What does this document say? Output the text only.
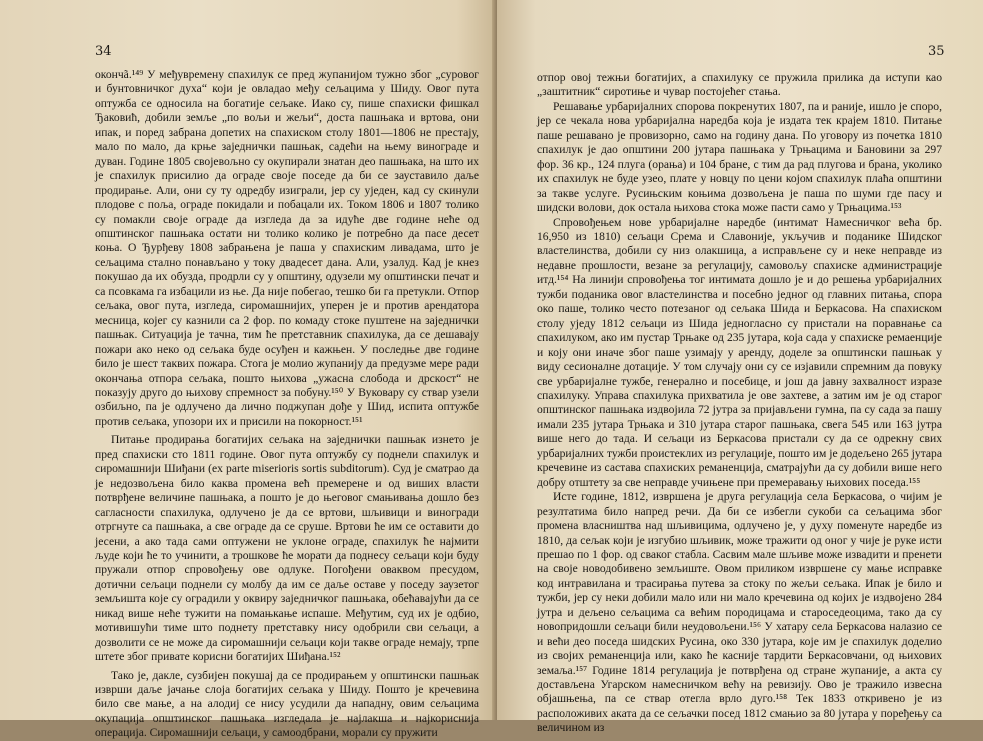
34

окончã.¹⁴⁹ У међувремену спахилук се пред жупанијом тужно због „суровог и бунтовничког духа“ који је овладао међу сељацима у Шиду. Овог пута оптужба се односила на богатије сељаке. Иако су, пише спахиски фишкал Ђаковић, добили земље „по вољи и жељи“, доста пашњака и вртова, они ипак, и поред забрана допетих на спахиском столу 1801—1806 не престају, мало по мало, да крње заједнички пашњак, садећи на њему винограде и дуван. Године 1805 својевољно су окупирали знатан део пашњака, на што их је спахилук присилио да ограде своје поседе да би се зауставило даље продирање. Али, они су ту одредбу изиграли, јер су уједен, кад су скинули плодове с поља, ограде покидали и побацали их. Током 1806 и 1807 толико су помакли своје ограде да изгледа да за идуће две године неће од општинског пашњака остати ни толико колико је потребно да пасе десет коња. О Ђурђеву 1808 забрањена је паша у спахиским ливадама, што је сељацима стално понављано у току двадесет дана. Али, узалуд. Кад је кнез покушао да их обузда, продрли су у општину, одузели му општински печат и са псовкама га избацили из ње. Да није побегао, тешко би га претукли. Отпор сељака, овог пута, изгледа, сиромашнијих, уперен је и против арендатора месница, којег су казнили са 2 фор. по комаду стоке пуштене на заједнички пашњак. Ситуација је тачна, тим ће претставник спахилука, да се дешавају пожари ако неко од сељака буде осуђен и кажњен. У последње две године било је шест таквих пожара. Стога је молио жупанију да предузме мере ради окончања отпора сељака, пошто њихова „ужасна слобода и дрскост“ не показују друго до њихову спремност за побуну.¹⁵⁰ У Вуковару су ствар узели озбиљно, па је одлучено да лично поджупан дође у Шид, испита оптужбе против сељака, упозори их и присили на покорност.¹⁵¹

Питање продирања богатијих сељака на заједнички пашњак изнето је пред спахиски сто 1811 године. Овог пута оптужбу су поднели спахилук и сиромашнији Шиђани (ex parte miserioris sortis subditorum). Суд је сматрао да је недозвољена било каква промена већ премерене и од виших власти потврђене величине пашњака, а пошто је до његовог смањивања дошло без сагласности спахилука, одлучено је да се вртови, шљивици и виногради отргнуте са пашњака, а све ограде да се сруше. Вртови ће им се оставити до јесени, а ако тада сами оптужени не уклоне ограде, спахилук ће најмити људе који ће то учинити, а трошкове ће морати да поднесу сељаци који буду пружали отпор спровођењу ове одлуке. Погођени оваквом пресудом, дотични сељаци поднели су молбу да им се даље оставе у поседу заузетог земљишта које су оградили у оквиру заједничког пашњака, обећавајући да се никад више неће тужити на помањкање испаше. Међутим, суд их је одбио, мотивишући тиме што поднету претставку нису одобрили сви сељаци, а дозволити се не може да сиромашнији сељаци који такве ограде немају, трпе штете због привате корисни богатијих Шиђана.¹⁵²

Тако је, дакле, сузбијен покушај да се продирањем у општински пашњак изврши даље јачање слоја богатијих сељака у Шиду. Пошто је кречевина било све мање, а на алодиј се нису усудили да нападну, овим сељацима окупација општинског пашњака изгледала је најлакша и најкориснија операција. Сиромашнији сељаци, у самоодбрани, морали су пружити

35

отпор овој тежњи богатијих, а спахилуку се пружила прилика да иступи као „заштитник“ сиротиње и чувар постојећег стања.

Решавање урбаријалних спорова покренутих 1807, па и раније, ишло је споро, јер се чекала нова урбаријална наредба која је издата тек крајем 1810. Питање паше решавано је провизорно, само на годину дана. По уговору из почетка 1810 спахилук је дао општини 200 јутара пашњака у Трњацима и Бановини за 297 фор. 36 кр., 124 плуга (орања) и 104 бране, с тим да рад плугова и брана, уколико их спахилук не буде узео, плате у новцу по цени којом спахилук плаћа општини за такве услуге. Русињским коњима дозвољена је паша по шуми где пасу и шидски волови, док остала њихова стока може пасти само у Трњацима.¹⁵³

Спровођењем нове урбаријалне наредбе (интимат Намесничког већа бр. 16,950 из 1810) сељаци Срема и Славоније, укључив и поданике Шидског властелинства, добили су низ олакшица, а исправљене су и неке неправде из недавне прошлости, везане за регулацију, самовољу спахиске администрације итд.¹⁵⁴ На линији спровођења тог интимата дошло је и до решења урбаријалних тужби поданика овог властелинства и посебно једног од главних питања, спора око паше, толико често потезаног од сељака Шида и Беркасова. На спахиском столу уједу 1812 сељаци из Шида једногласно су пристали на поравнање са спахилуком, ако им пустар Трњаке од 235 јутара, која сада у спахиске ремаенције и коју они иначе због паше узимају у аренду, доделе за општински пашњак у виду сесионалне дотације. У том случају они су се изјавили спремним да повуку све урбаријалне тужбе, генерално и посебице, и још да јавну захвалност изразе спахилуку. Управа спахилука прихватила је ове захтеве, а затим им је од старог општинског пашњака издвојила 72 јутра за пријављени гумна, па су сада за пашу имали 235 јутара Трњака и 310 јутара старог пашњака, свега 545 или 163 јутра више него до тада. И сељаци из Беркасова пристали су да се одрекну свих урбаријалних тужби проистеклих из регулације, пошто им је додељено 265 јутара кречевине из састава спахиских реманенција, сматрајући да су добили више него добру отштету за све неправде учињене при премеравању њихових поседа.¹⁵⁵

Исте године, 1812, извршена је друга регулација села Беркасова, о чијим је резултатима било напред речи. Да би се избегли сукоби са сељацима због промена власништва над шљивицима, одлучено је, у духу поменуте наредбе из 1810, да сељак који је изгубио шљивик, може тражити од оног у чије је руке исти прешао по 1 фор. од сваког стабла. Сасвим мале шљиве може извадити и пренети на своје новодобивено земљиште. Овом приликом извршене су мање исправке код интравилана и трасирања путева за стоку по жељи сељака. Ипак је било и тужби, јер су неки добили мало или ни мало кречевина од којих је издвојено 284 јутра и дељено сељацима са већим породицама и староседеоцима, тако да су новопридошли сељаци били неудовољени.¹⁵⁶ У хатару села Беркасова налазио се и већи део поседа шидских Русина, око 330 јутара, које им је спахилук доделио из својих реманенција или, како ће касније тардити Беркасовчани, од њихових земаља.¹⁵⁷ Године 1814 регулација је потврђена од стране жупаније, а акта су достављена Угарском намесничком већу на ревизију. Ово је тражило извесна објашњења, па се ствар отегла врло дуго.¹⁵⁸ Тек 1833 откривено је из расположивих аката да се сељачки посед 1812 смањио за 80 јутара у поређењу са величином из
